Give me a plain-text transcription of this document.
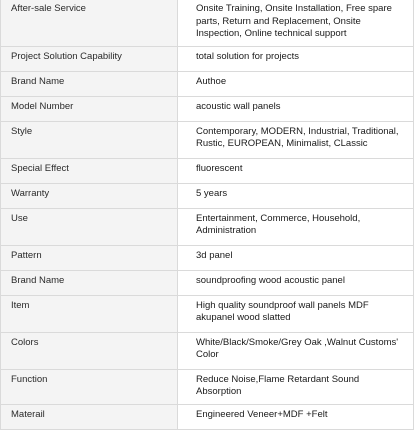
After-sale Service	Onsite Training, Onsite Installation, Free spare parts, Return and Replacement, Onsite Inspection, Online technical support
Project Solution Capability	total solution for projects
Brand Name	Authoe
Model Number	acoustic wall panels
Style	Contemporary, MODERN, Industrial, Traditional, Rustic, EUROPEAN, Minimalist, CLassic
Special Effect	fluorescent
Warranty	5 years
Use	Entertainment, Commerce, Household, Administration
Pattern	3d panel
Brand Name	soundproofing wood acoustic panel
Item	High quality soundproof wall panels MDF akupanel wood slatted
Colors	White/Black/Smoke/Grey Oak ,Walnut Customs' Color
Function	Reduce Noise,Flame Retardant Sound Absorption
Materail	Engineered Veneer+MDF +Felt
